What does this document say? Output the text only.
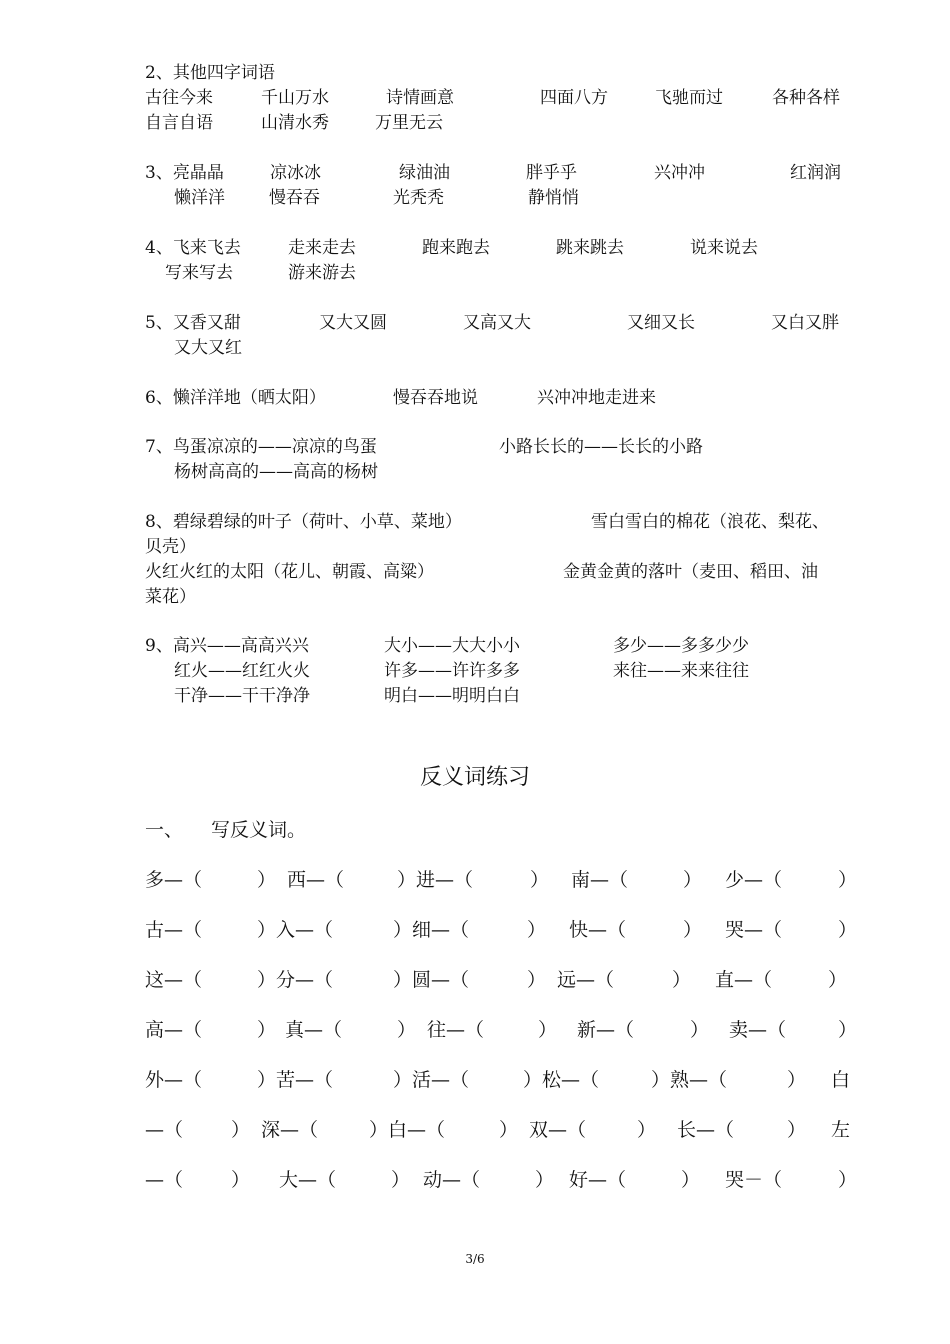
2、其他四字词语
古往今来	千山万水	诗情画意	四面八方	飞驰而过	各种各样
自言自语	山清水秀	万里无云
3、亮晶晶	凉冰冰	绿油油	胖乎乎	兴冲冲	红润润
懒洋洋	慢吞吞	光秃秃	静悄悄
4、飞来飞去	走来走去	跑来跑去	跳来跳去	说来说去
写来写去	游来游去
5、又香又甜	又大又圆	又高又大	又细又长	又白又胖
又大又红
6、懒洋洋地（晒太阳）	慢吞吞地说	兴冲冲地走进来
7、鸟蛋凉凉的——凉凉的鸟蛋	小路长长的——长长的小路
杨树高高的——高高的杨树
8、碧绿碧绿的叶子（荷叶、小草、菜地）	雪白雪白的棉花（浪花、梨花、
贝壳）
火红火红的太阳（花儿、朝霞、高粱）	金黄金黄的落叶（麦田、稻田、油
菜花）
9、高兴——高高兴兴	大小——大大小小	多少——多多少少
红火——红红火火	许多——许许多多	来往——来来往往
干净——干干净净	明白——明明白白
反义词练习
一、 写反义词。
多—（	） 西—（	）进—（	） 南—（	） 少—（	）
古—（	）入—（	）细—（	） 快—（	） 哭—（	）
这—（	）分—（	）圆—（	） 远—（	） 直—（	）
高—（	） 真—（	） 往—（	） 新—（	） 卖—（	）
外—（	）苦—（	）活—（	）松—（	）熟—（	） 白
—（	） 深—（	）白—（	） 双—（	） 长—（	） 左
—（	） 大—（	） 动—（	） 好—（	） 哭－（	）
3/6
